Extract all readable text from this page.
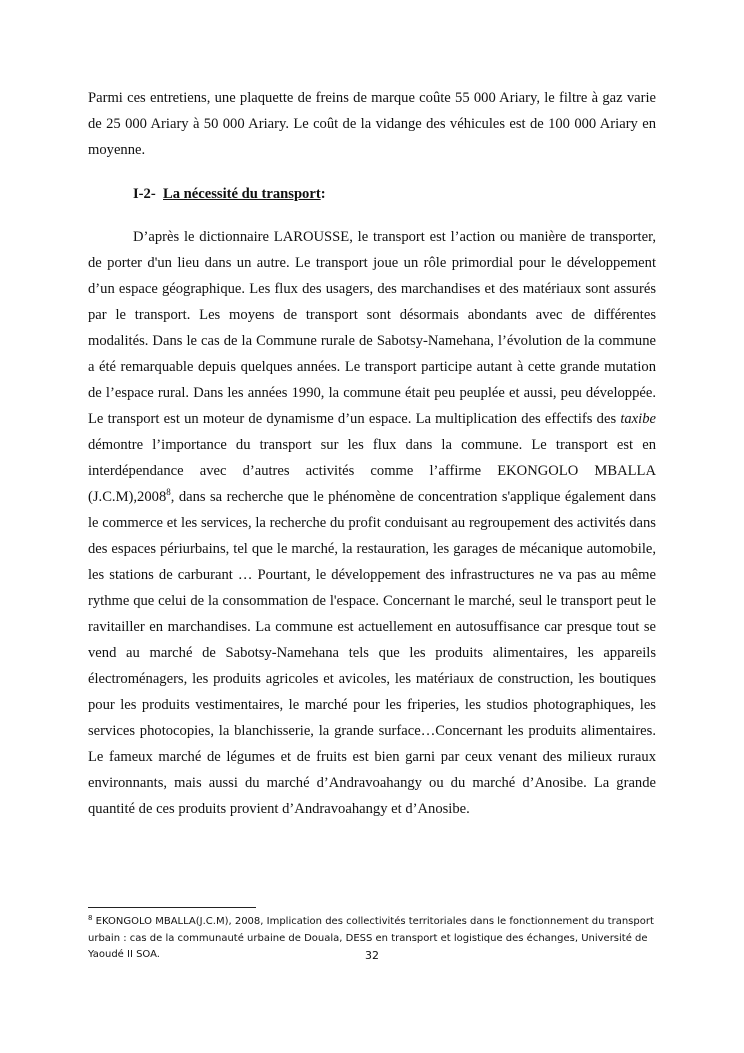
Parmi ces entretiens, une plaquette de freins de marque coûte 55 000 Ariary, le filtre à gaz varie de 25 000 Ariary à 50 000 Ariary. Le coût de la vidange des véhicules est de 100 000 Ariary en moyenne.

I-2- La nécessité du transport:

D’après le dictionnaire LAROUSSE, le transport est l’action ou manière de transporter, de porter d'un lieu dans un autre. Le transport joue un rôle primordial pour le développement d’un espace géographique. Les flux des usagers, des marchandises et des matériaux sont assurés par le transport. Les moyens de transport sont désormais abondants avec de différentes modalités. Dans le cas de la Commune rurale de Sabotsy-Namehana, l’évolution de la commune a été remarquable depuis quelques années. Le transport participe autant à cette grande mutation de l’espace rural. Dans les années 1990, la commune était peu peuplée et aussi, peu développée. Le transport est un moteur de dynamisme d’un espace. La multiplication des effectifs des taxibe démontre l’importance du transport sur les flux dans la commune. Le transport est en interdépendance avec d’autres activités comme l’affirme EKONGOLO MBALLA (J.C.M),2008$^8$, dans sa recherche que le phénomène de concentration s'applique également dans le commerce et les services, la recherche du profit conduisant au regroupement des activités dans des espaces périurbains, tel que le marché, la restauration, les garages de mécanique automobile, les stations de carburant … Pourtant, le développement des infrastructures ne va pas au même rythme que celui de la consommation de l'espace. Concernant le marché, seul le transport peut le ravitailler en marchandises. La commune est actuellement en autosuffisance car presque tout se vend au marché de Sabotsy-Namehana tels que les produits alimentaires, les appareils électroménagers, les produits agricoles et avicoles, les matériaux de construction, les boutiques pour les produits vestimentaires, le marché pour les friperies, les studios photographiques, les services photocopies, la blanchisserie, la grande surface…Concernant les produits alimentaires. Le fameux marché de légumes et de fruits est bien garni par ceux venant des milieux ruraux environnants, mais aussi du marché d’Andravoahangy ou du marché d’Anosibe. La grande quantité de ces produits provient d’Andravoahangy et d’Anosibe.

$^8$ EKONGOLO MBALLA(J.C.M), 2008, Implication des collectivités territoriales dans le fonctionnement du transport urbain : cas de la communauté urbaine de Douala, DESS en transport et logistique des échanges, Université de Yaoudé II SOA.	32
